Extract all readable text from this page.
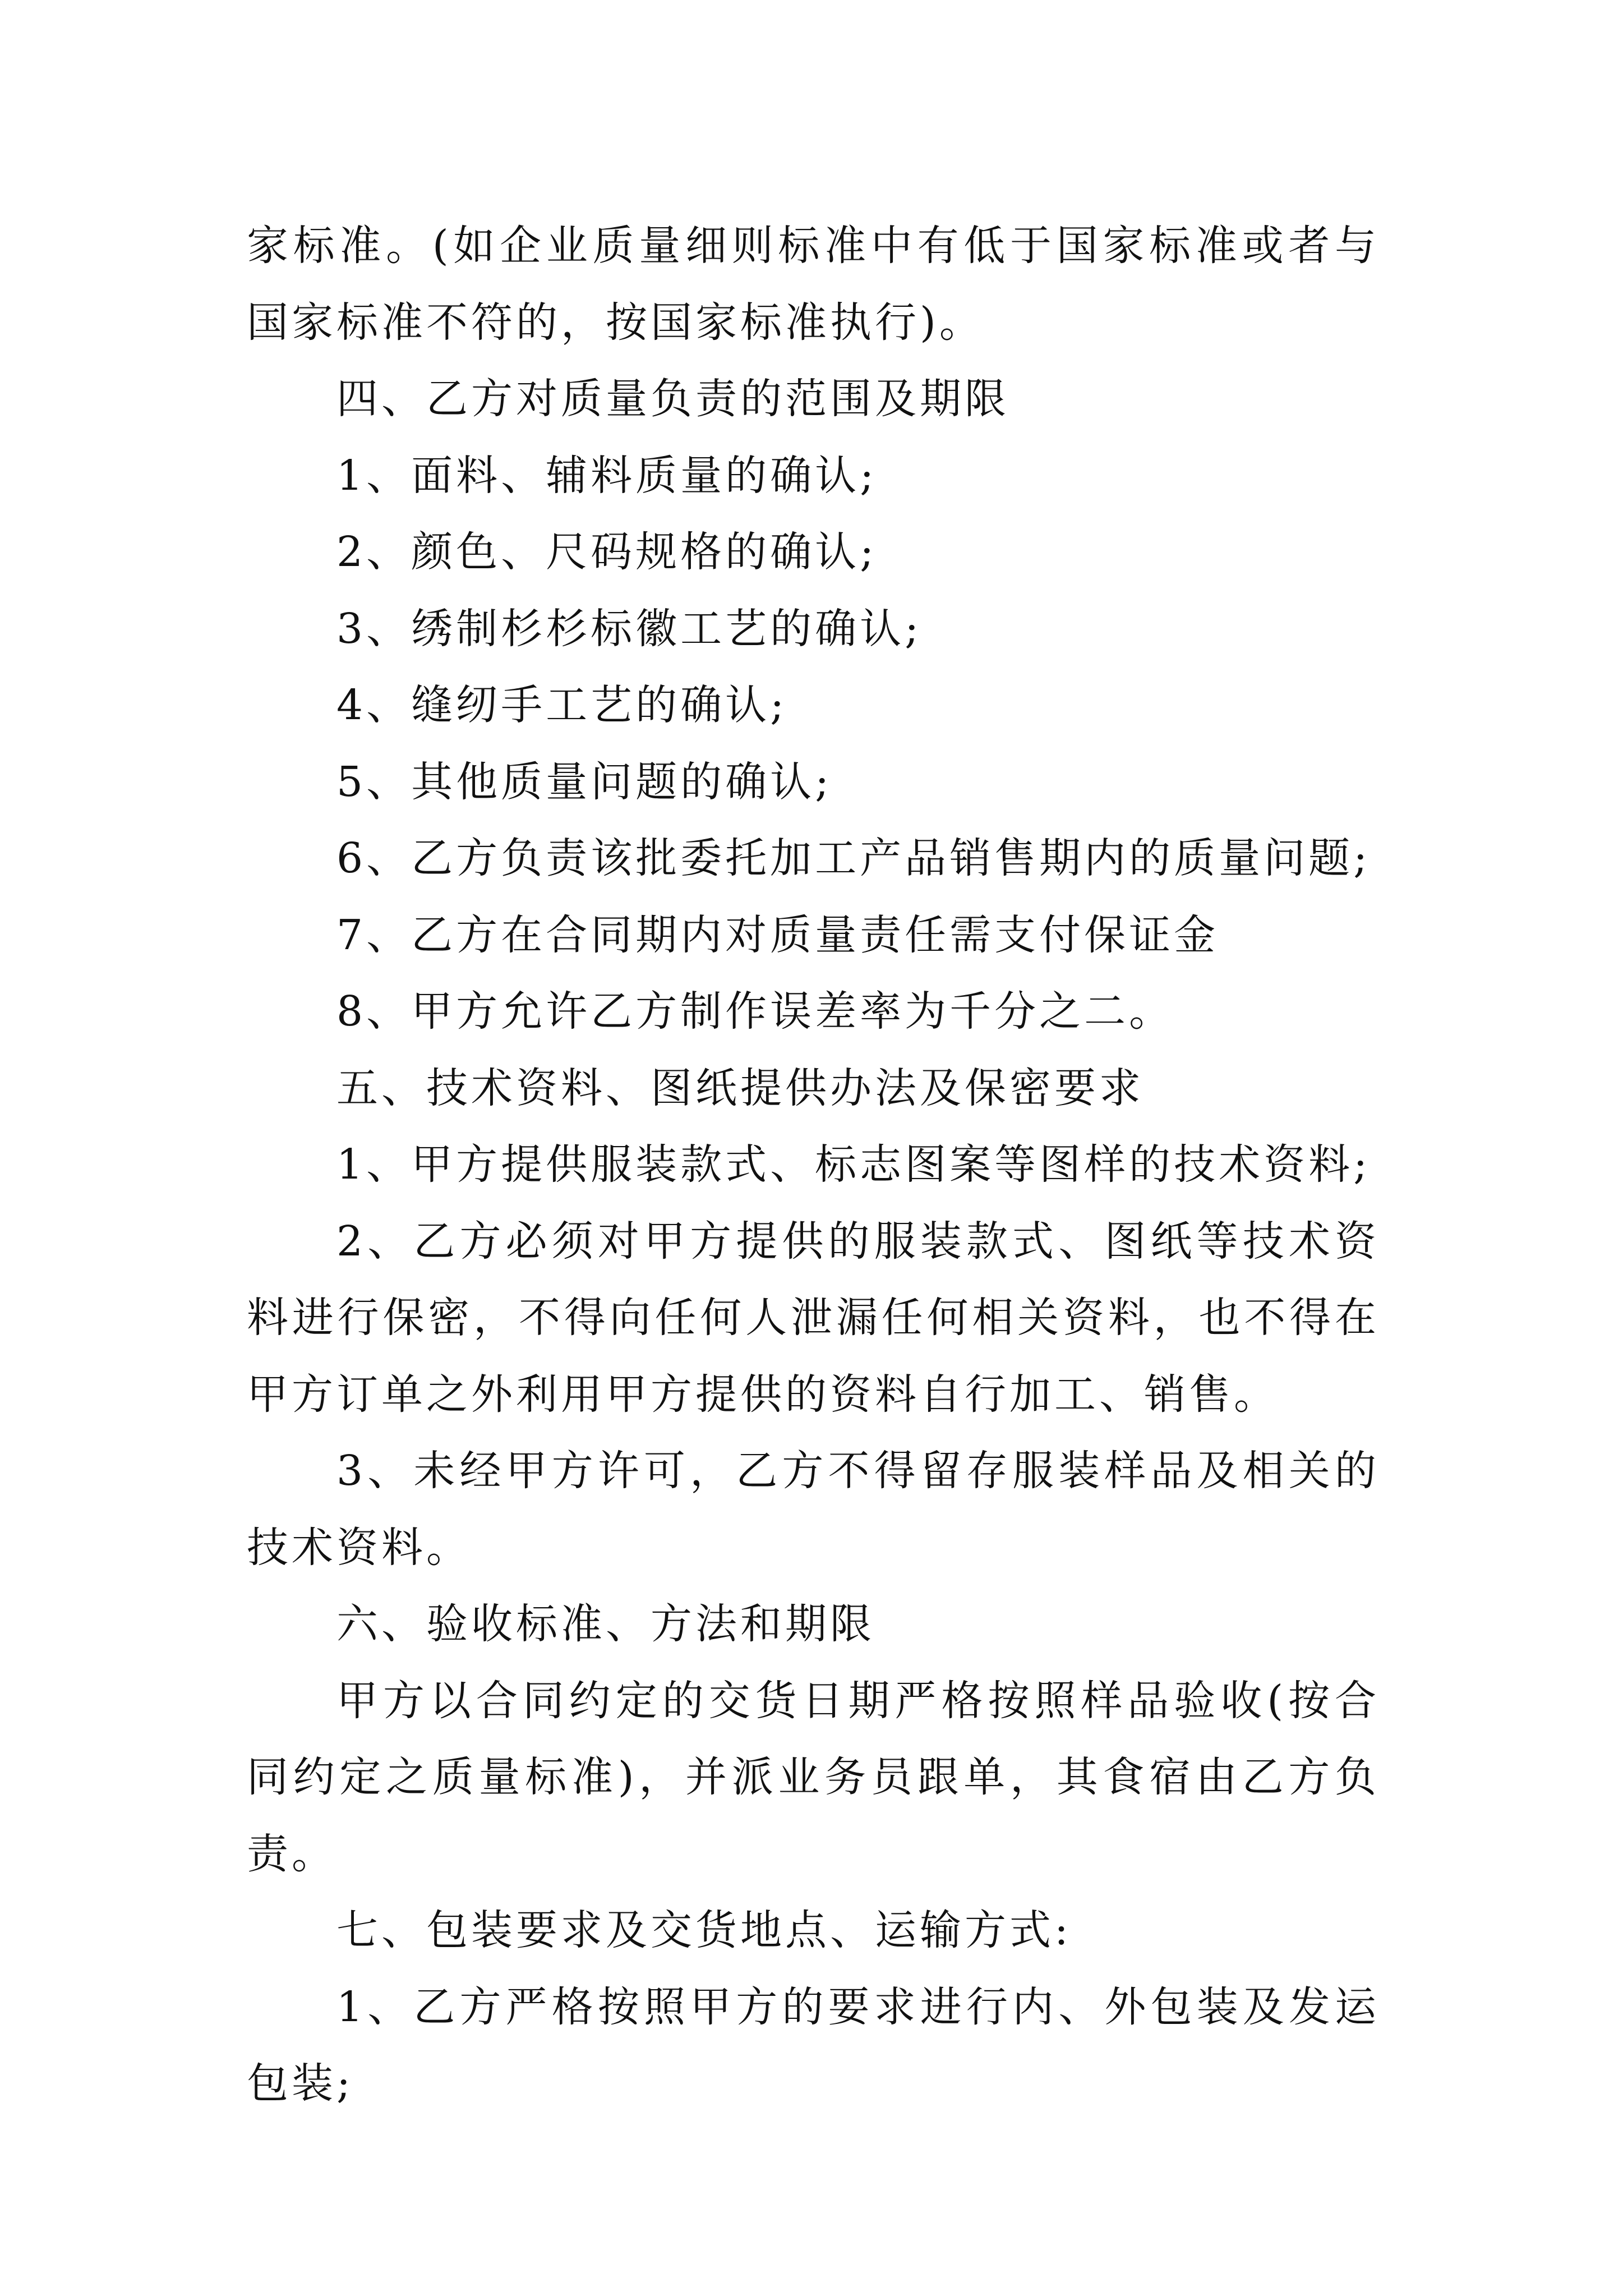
家标准。(如企业质量细则标准中有低于国家标准或者与国家标准不符的，按国家标准执行)。

四、乙方对质量负责的范围及期限

1、面料、辅料质量的确认;

2、颜色、尺码规格的确认;

3、绣制杉杉标徽工艺的确认;

4、缝纫手工艺的确认;

5、其他质量问题的确认;

6、乙方负责该批委托加工产品销售期内的质量问题;

7、乙方在合同期内对质量责任需支付保证金

8、甲方允许乙方制作误差率为千分之二。

五、技术资料、图纸提供办法及保密要求

1、甲方提供服装款式、标志图案等图样的技术资料;

2、乙方必须对甲方提供的服装款式、图纸等技术资料进行保密，不得向任何人泄漏任何相关资料，也不得在甲方订单之外利用甲方提供的资料自行加工、销售。

3、未经甲方许可，乙方不得留存服装样品及相关的技术资料。

六、验收标准、方法和期限

甲方以合同约定的交货日期严格按照样品验收(按合同约定之质量标准)，并派业务员跟单，其食宿由乙方负责。

七、包装要求及交货地点、运输方式:

1、乙方严格按照甲方的要求进行内、外包装及发运包装;
